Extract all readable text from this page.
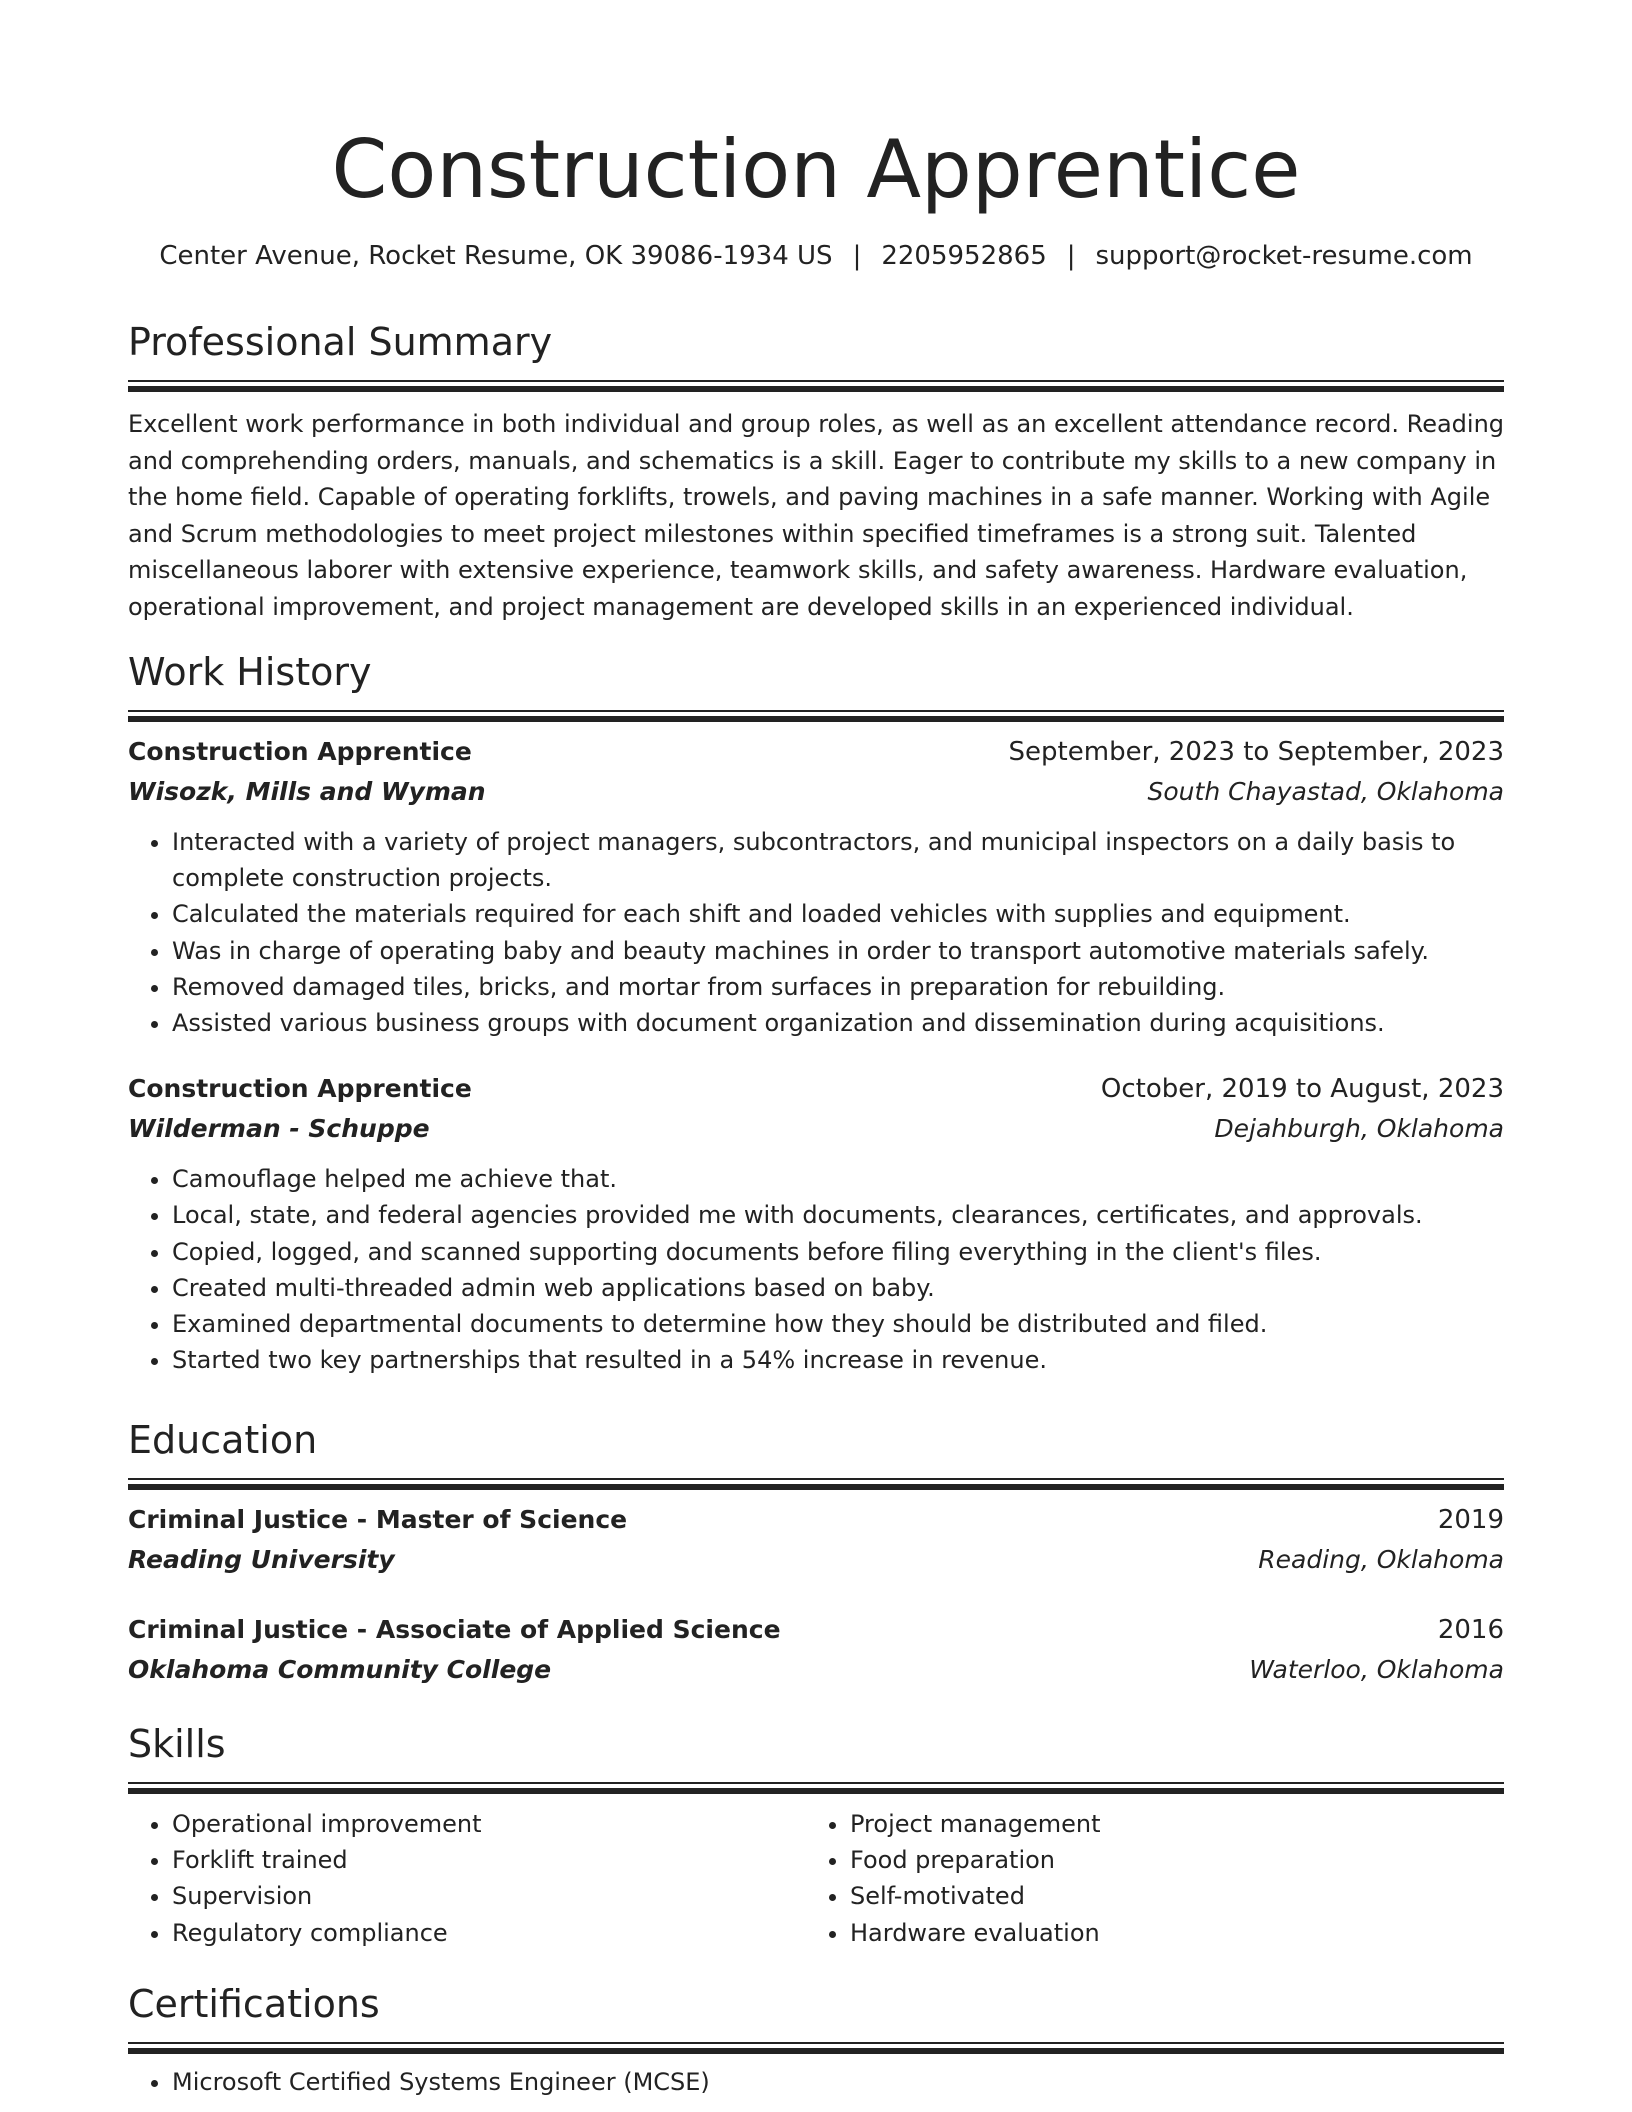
Construction Apprentice
Center Avenue, Rocket Resume, OK 39086-1934 US | 2205952865 | support@rocket-resume.com
Professional Summary
Excellent work performance in both individual and group roles, as well as an excellent attendance record. Reading and comprehending orders, manuals, and schematics is a skill. Eager to contribute my skills to a new company in the home field. Capable of operating forklifts, trowels, and paving machines in a safe manner. Working with Agile and Scrum methodologies to meet project milestones within specified timeframes is a strong suit. Talented miscellaneous laborer with extensive experience, teamwork skills, and safety awareness. Hardware evaluation, operational improvement, and project management are developed skills in an experienced individual.
Work History
Construction Apprentice	September, 2023 to September, 2023
Wisozk, Mills and Wyman	South Chayastad, Oklahoma
• Interacted with a variety of project managers, subcontractors, and municipal inspectors on a daily basis to complete construction projects.
• Calculated the materials required for each shift and loaded vehicles with supplies and equipment.
• Was in charge of operating baby and beauty machines in order to transport automotive materials safely.
• Removed damaged tiles, bricks, and mortar from surfaces in preparation for rebuilding.
• Assisted various business groups with document organization and dissemination during acquisitions.
Construction Apprentice	October, 2019 to August, 2023
Wilderman - Schuppe	Dejahburgh, Oklahoma
• Camouflage helped me achieve that.
• Local, state, and federal agencies provided me with documents, clearances, certificates, and approvals.
• Copied, logged, and scanned supporting documents before filing everything in the client's files.
• Created multi-threaded admin web applications based on baby.
• Examined departmental documents to determine how they should be distributed and filed.
• Started two key partnerships that resulted in a 54% increase in revenue.
Education
Criminal Justice - Master of Science	2019
Reading University	Reading, Oklahoma
Criminal Justice - Associate of Applied Science	2016
Oklahoma Community College	Waterloo, Oklahoma
Skills
• Operational improvement
• Forklift trained
• Supervision
• Regulatory compliance
• Project management
• Food preparation
• Self-motivated
• Hardware evaluation
Certifications
• Microsoft Certified Systems Engineer (MCSE)
